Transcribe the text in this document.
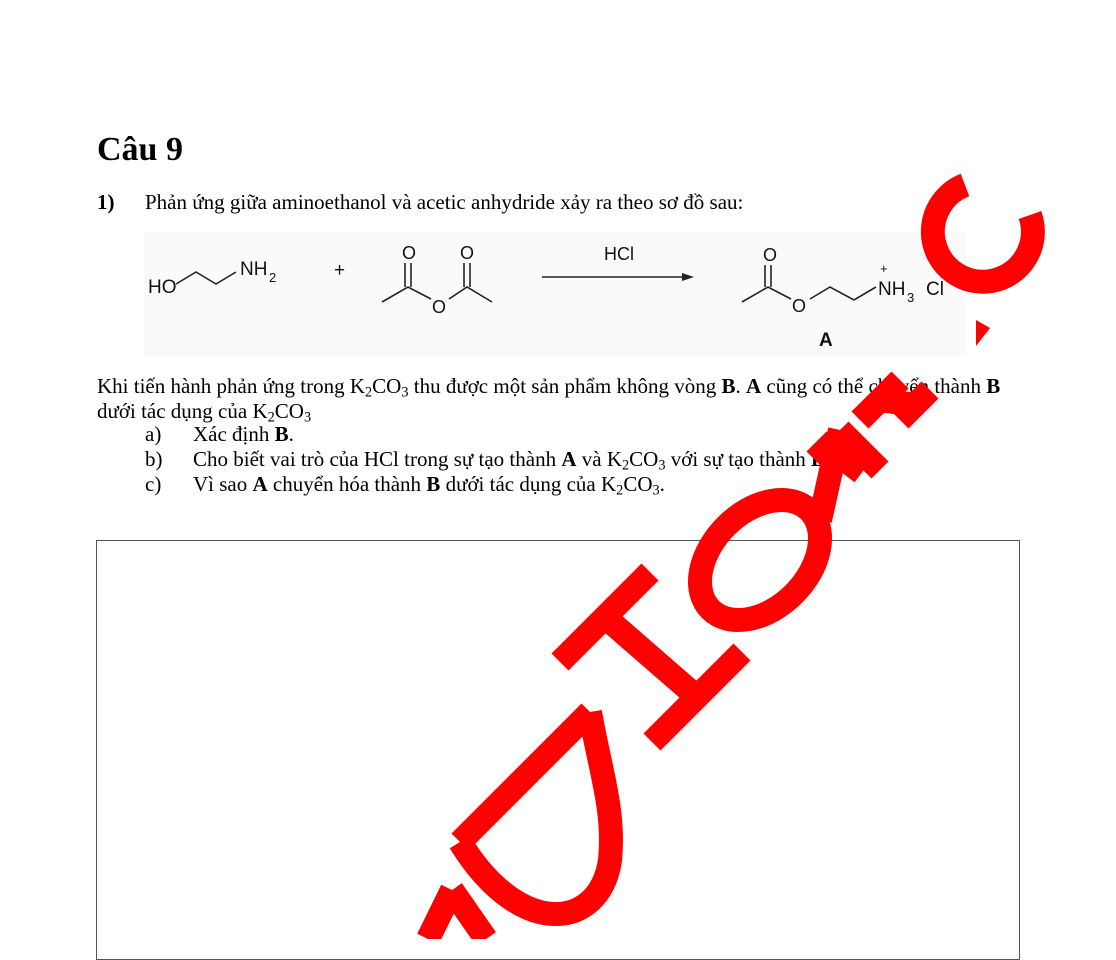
Câu 9
1) Phản ứng giữa aminoethanol và acetic anhydride xảy ra theo sơ đồ sau:
HO
NH 2	+
O O
O
HCl	O
O
+
NH 3 Cl
−
A

Khi tiến hành phản ứng trong $K_2CO_3$ thu được một sản phẩm không vòng B. A cũng có thể chuyển thành B dưới tác dụng của $K_2CO_3$

a)	Xác định B.
b)	Cho biết vai trò của HCl trong sự tạo thành A và $K_2CO_3$ với sự tạo thành B.
c)	Vì sao A chuyển hóa thành B dưới tác dụng của $K_2CO_3$.
